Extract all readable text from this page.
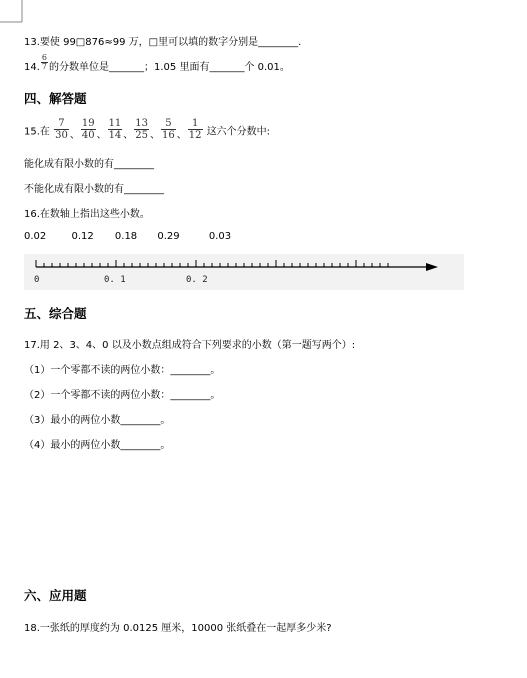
13.要使 99□876≈99 万，□里可以填的数字分别是________.
14. $\frac{6}{7}$ 的分数单位是_______；1.05 里面有_______个 0.01。
四、解答题
15.在 $\frac{7}{30}$ 、 $\frac{19}{40}$ 、 $\frac{11}{14}$ 、 $\frac{13}{25}$ 、 $\frac{5}{16}$ 、 $\frac{1}{12}$ 这六个分数中:
能化成有限小数的有________
不能化成有限小数的有________
16.在数轴上指出这些小数。
0.02	0.12 0.18 0.29	0.03
0	0. 1	0. 2
五、综合题
17.用 2、3、4、0 以及小数点组成符合下列要求的小数（第一题写两个）:
（1）一个零都不读的两位小数：________。
（2）一个零都不读的两位小数：________。
（3）最小的两位小数________。
（4）最小的两位小数________。
六、应用题
18.一张纸的厚度约为 0.0125 厘米，10000 张纸叠在一起厚多少米?
